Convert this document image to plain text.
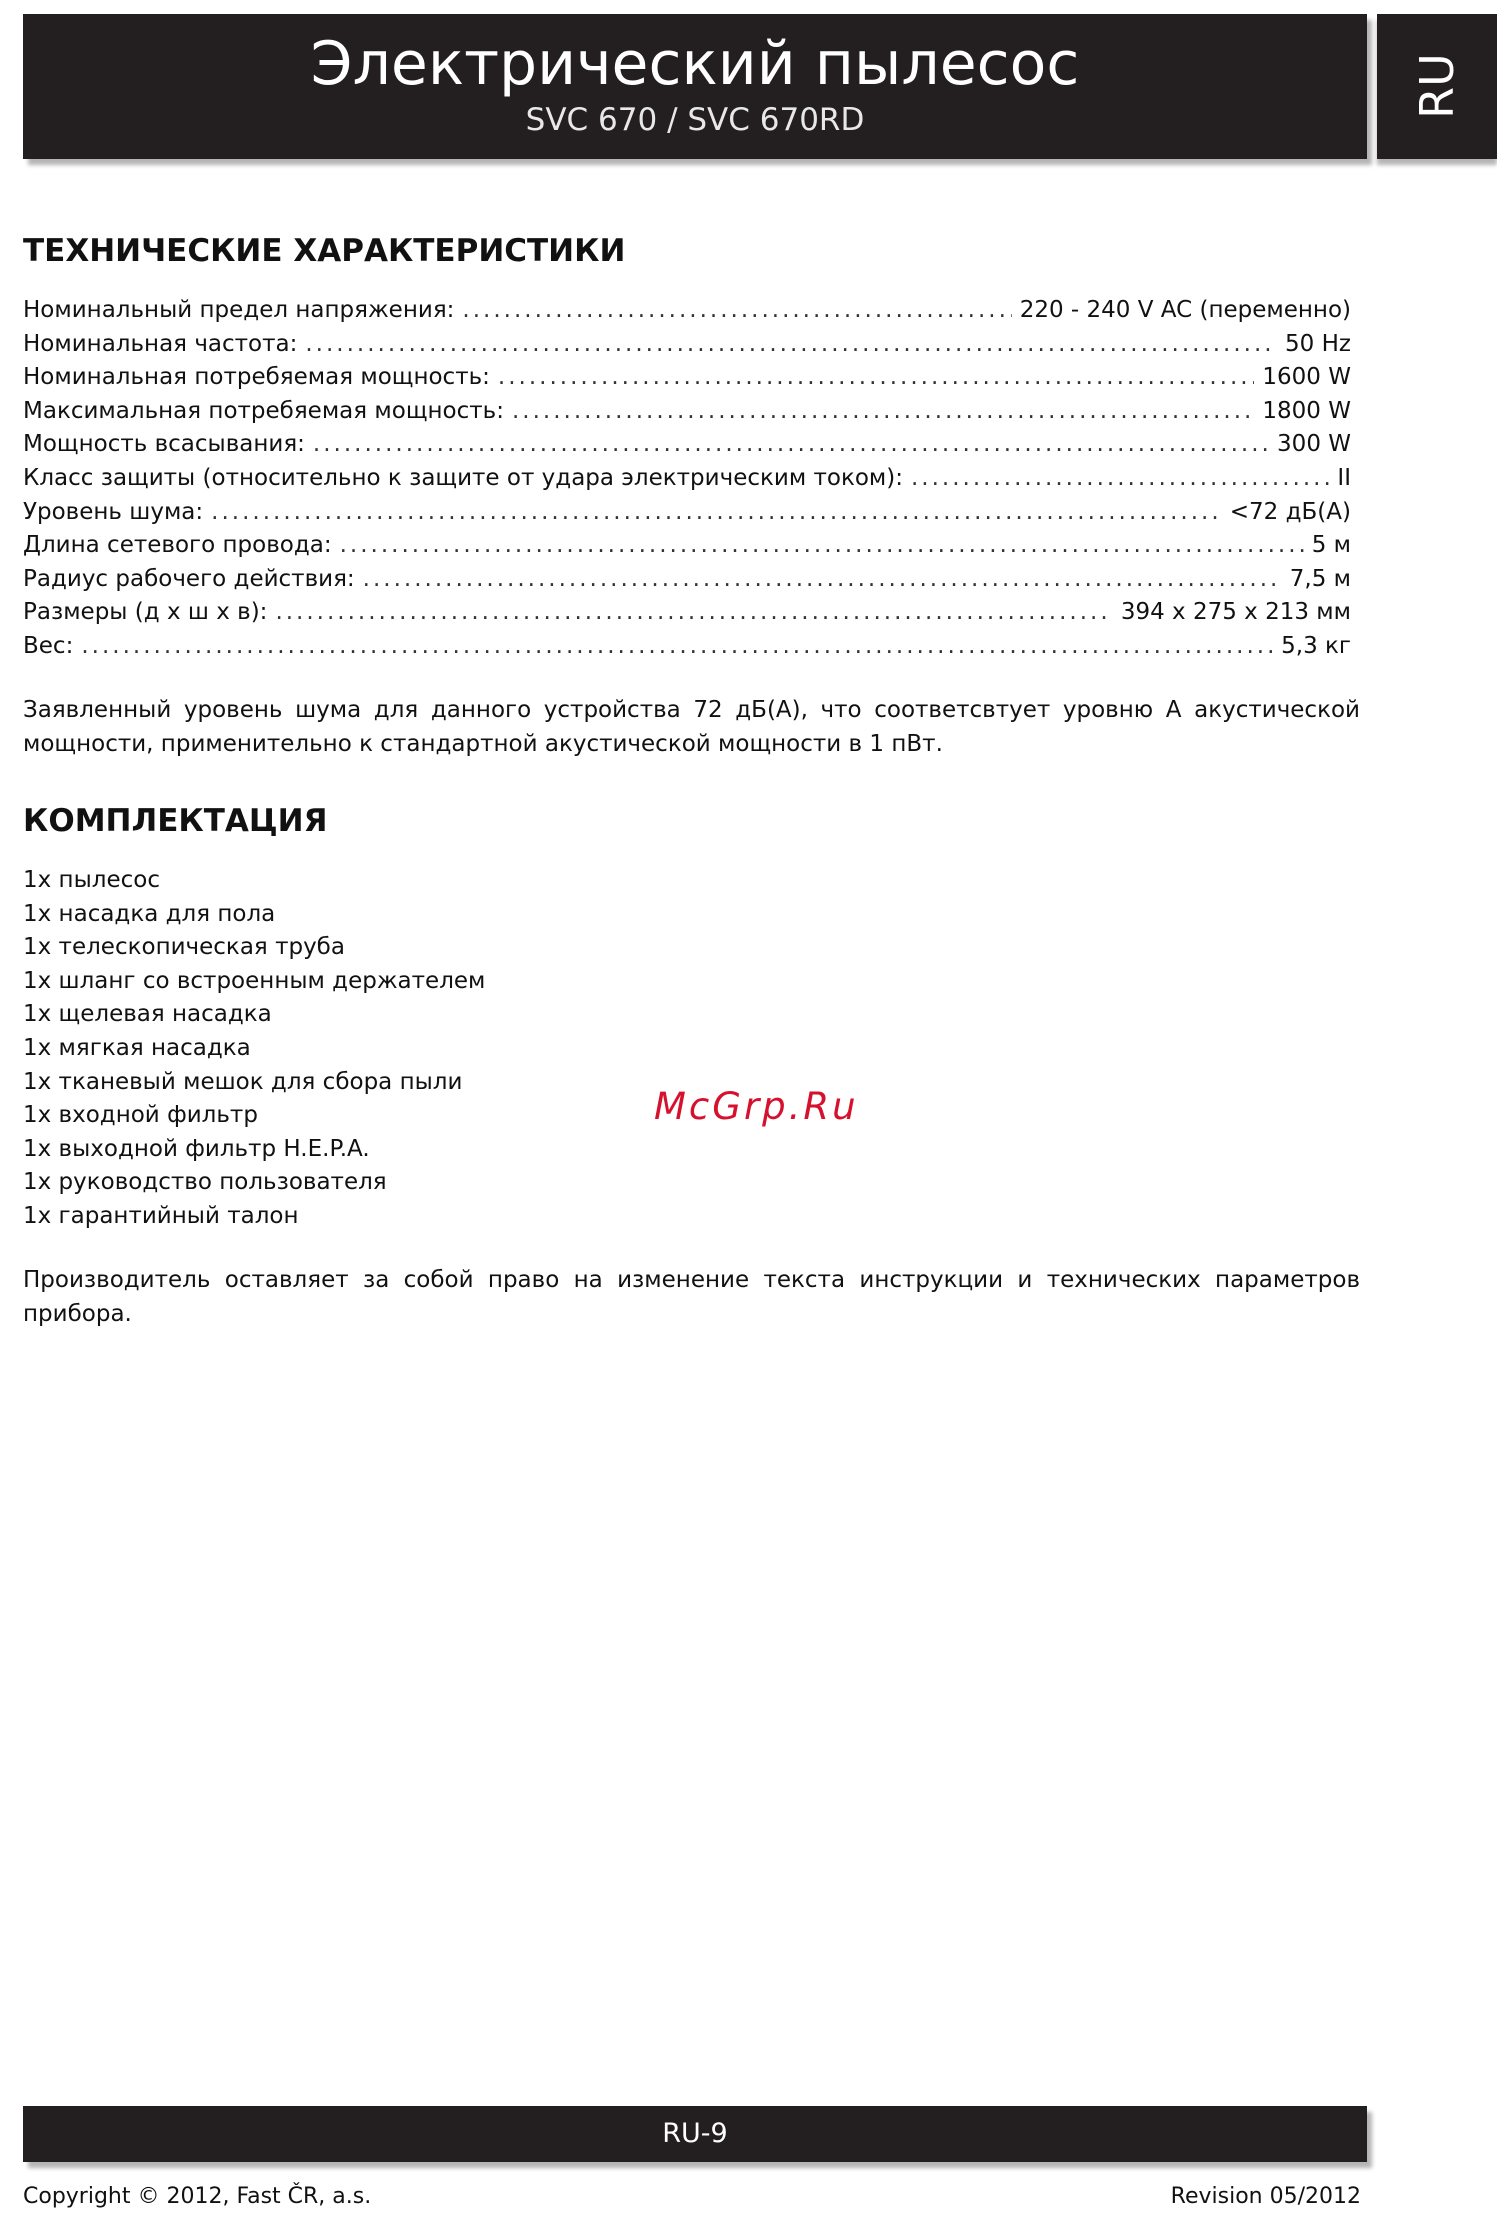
Электрический пылесос
SVC 670 / SVC 670RD
RU
ТЕХНИЧЕСКИЕ ХАРАКТЕРИСТИКИ
Номинальный предел напряжения: .....	220 - 240 V AC (переменно)
Номинальная частота: .....	50 Hz
Номинальная потребяемая мощность: .....	1600 W
Максимальная потребяемая мощность: .....	1800 W
Мощность всасывания: .....	300 W
Класс защиты (относительно к защите от удара электрическим током): .....	II
Уровень шума: .....	<72 дБ(А)
Длина сетевого провода: .....	5 м
Радиус рабочего действия: .....	7,5 м
Размеры (д х ш х в): .....	394 x 275 x 213 мм
Вес: .....	5,3 кг

Заявленный уровень шума для данного устройства 72 дБ(А), что соответсвтует уровню А акустической мощности, применительно к стандартной акустической мощности в 1 пВт.

КОМПЛЕКТАЦИЯ
1x пылесос
1x насадка для пола
1x телескопическая труба
1x шланг со встроенным держателем
1x щелевая насадка
1x мягкая насадка
1x тканевый мешок для сбора пыли
1x входной фильтр
1x выходной фильтр H.E.P.A.
1x руководство пользователя
1x гарантийный талон
McGrp.Ru

Производитель оставляет за собой право на изменение текста инструкции и технических параметров прибора.

RU-9
Copyright © 2012, Fast ČR, a.s.	Revision 05/2012
